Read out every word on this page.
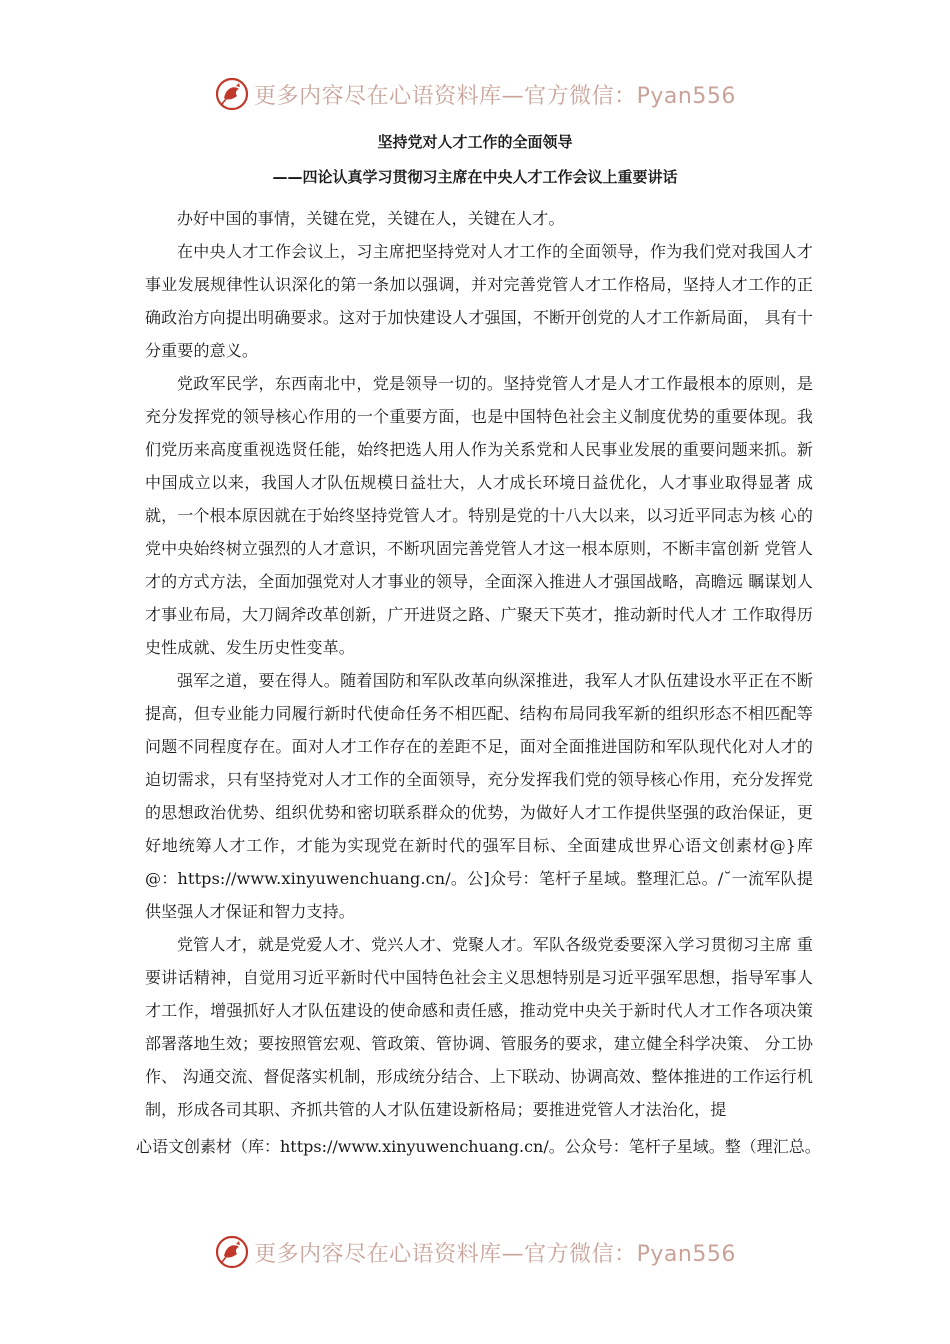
更多内容尽在心语资料库—官方微信：Pyan556
坚持党对人才工作的全面领导
——四论认真学习贯彻习主席在中央人才工作会议上重要讲话

办好中国的事情，关键在党，关键在人，关键在人才。

在中央人才工作会议上，习主席把坚持党对人才工作的全面领导，作为我们党对我国人才事业发展规律性认识深化的第一条加以强调，并对完善党管人才工作格局，坚持人才工作的正确政治方向提出明确要求。这对于加快建设人才强国，不断开创党的人才工作新局面， 具有十分重要的意义。

党政军民学，东西南北中，党是领导一切的。坚持党管人才是人才工作最根本的原则，是充分发挥党的领导核心作用的一个重要方面，也是中国特色社会主义制度优势的重要体现。我们党历来高度重视选贤任能，始终把选人用人作为关系党和人民事业发展的重要问题来抓。新中国成立以来，我国人才队伍规模日益壮大，人才成长环境日益优化，人才事业取得显著 成就，一个根本原因就在于始终坚持党管人才。特别是党的十八大以来，以习近平同志为核 心的党中央始终树立强烈的人才意识，不断巩固完善党管人才这一根本原则，不断丰富创新 党管人才的方式方法，全面加强党对人才事业的领导，全面深入推进人才强国战略，高瞻远 瞩谋划人才事业布局，大刀阔斧改革创新，广开进贤之路、广聚天下英才，推动新时代人才 工作取得历史性成就、发生历史性变革。

强军之道，要在得人。随着国防和军队改革向纵深推进，我军人才队伍建设水平正在不断提高，但专业能力同履行新时代使命任务不相匹配、结构布局同我军新的组织形态不相匹配等问题不同程度存在。面对人才工作存在的差距不足，面对全面推进国防和军队现代化对人才的迫切需求，只有坚持党对人才工作的全面领导，充分发挥我们党的领导核心作用，充分发挥党的思想政治优势、组织优势和密切联系群众的优势，为做好人才工作提供坚强的政治保证，更好地统筹人才工作，才能为实现党在新时代的强军目标、全面建成世界心语文创素材@}库@：https://www.xinyuwenchuang.cn/。公]众号：笔杆子星域。整理汇总。/˘一流军队提供坚强人才保证和智力支持。

党管人才，就是党爱人才、党兴人才、党聚人才。军队各级党委要深入学习贯彻习主席 重要讲话精神，自觉用习近平新时代中国特色社会主义思想特别是习近平强军思想，指导军事人才工作，增强抓好人才队伍建设的使命感和责任感，推动党中央关于新时代人才工作各项决策部署落地生效；要按照管宏观、管政策、管协调、管服务的要求，建立健全科学决策、 分工协作、 沟通交流、督促落实机制，形成统分结合、上下联动、协调高效、整体推进的工作运行机制，形成各司其职、齐抓共管的人才队伍建设新格局；要推进党管人才法治化，提

心语文创素材（库：https://www.xinyuwenchuang.cn/。公众号：笔杆子星域。整（理汇总。

更多内容尽在心语资料库—官方微信：Pyan556
